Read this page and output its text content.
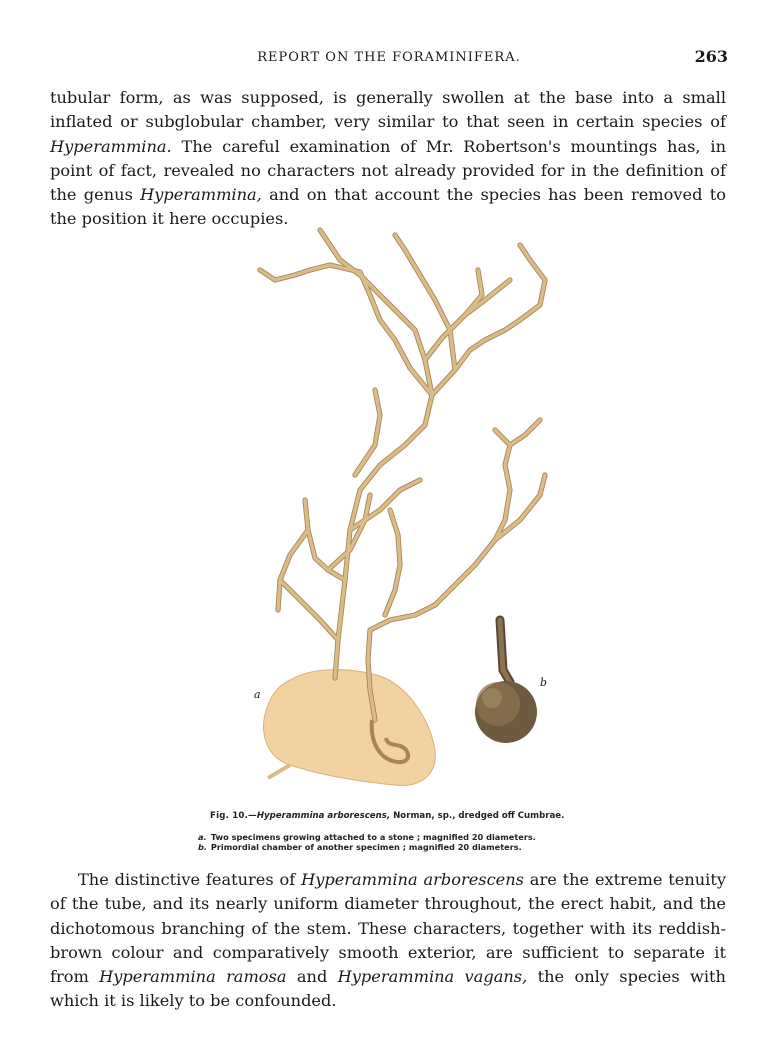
REPORT ON THE FORAMINIFERA.	263

tubular form, as was supposed, is generally swollen at the base into a small inflated or subglobular chamber, very similar to that seen in certain species of Hyperammina. The careful examination of Mr. Robertson's mountings has, in point of fact, revealed no characters not already provided for in the definition of the genus Hyperammina, and on that account the species has been removed to the position it here occupies.

a
b
Fig. 10.—Hyperammina arborescens, Norman, sp., dredged off Cumbrae.
a. Two specimens growing attached to a stone ; magnified 20 diameters.
b. Primordial chamber of another specimen ; magnified 20 diameters.

The distinctive features of Hyperammina arborescens are the extreme tenuity of the tube, and its nearly uniform diameter throughout, the erect habit, and the dichotomous branching of the stem. These characters, together with its reddish-brown colour and comparatively smooth exterior, are sufficient to separate it from Hyperammina ramosa and Hyperammina vagans, the only species with which it is likely to be confounded.
